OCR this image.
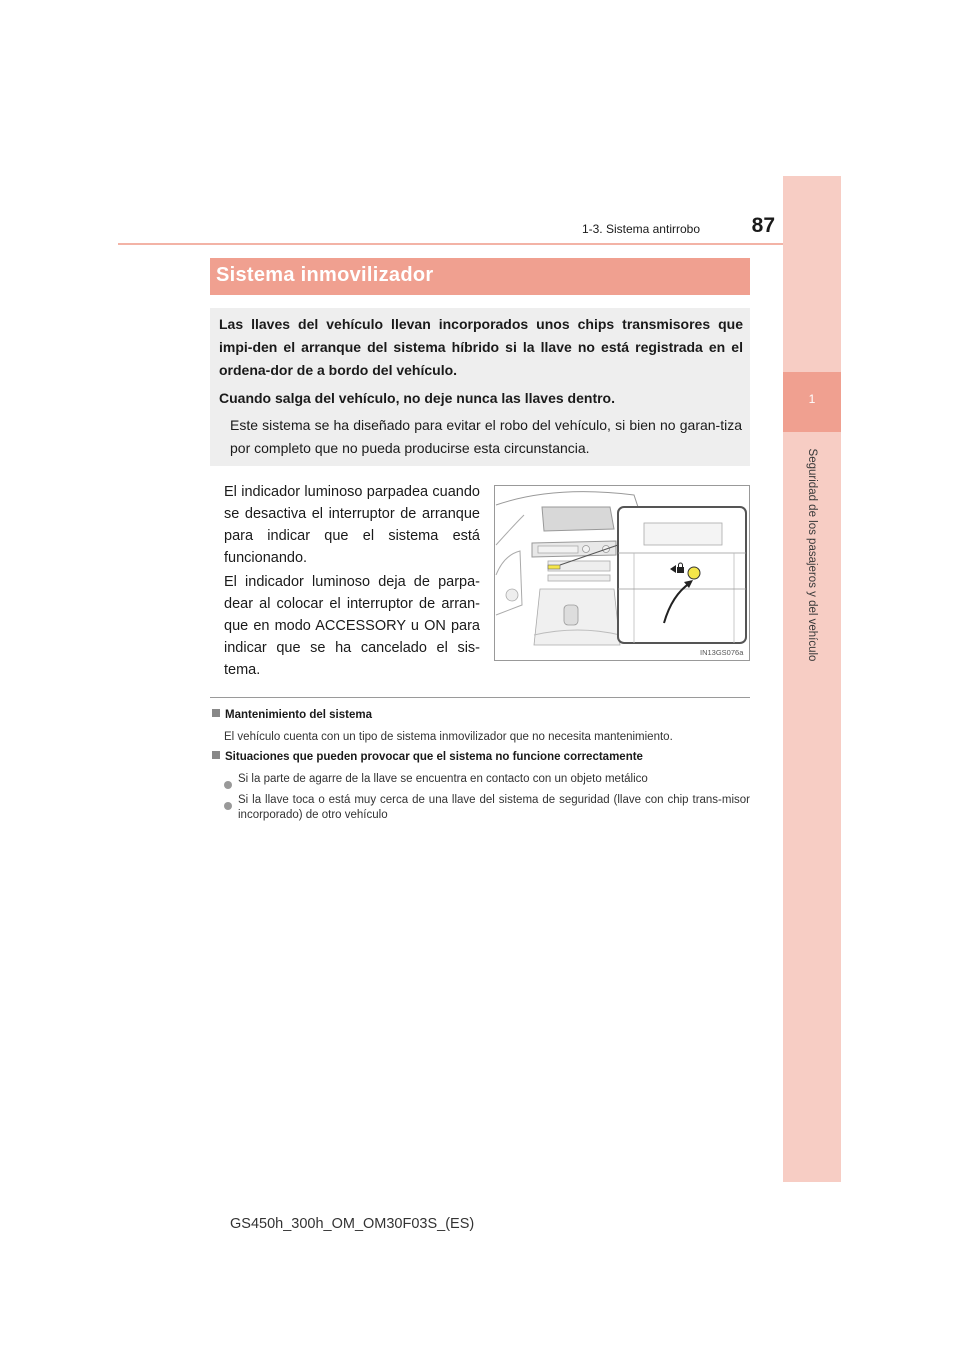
87
1-3. Sistema antirrobo
1
Seguridad de los pasajeros y del vehículo
Sistema inmovilizador
Las llaves del vehículo llevan incorporados unos chips transmisores que impi-den el arranque del sistema híbrido si la llave no está registrada en el ordena-dor de a bordo del vehículo.
Cuando salga del vehículo, no deje nunca las llaves dentro.
Este sistema se ha diseñado para evitar el robo del vehículo, si bien no garan-tiza por completo que no pueda producirse esta circunstancia.
El indicador luminoso parpadea cuando se desactiva el interruptor de arranque para indicar que el sistema está funcionando.
El indicador luminoso deja de parpa-dear al colocar el interruptor de arran-que en modo ACCESSORY u ON para indicar que se ha cancelado el sis-tema.
IN13GS076a
Mantenimiento del sistema
El vehículo cuenta con un tipo de sistema inmovilizador que no necesita mantenimiento.
Situaciones que pueden provocar que el sistema no funcione correctamente
Si la parte de agarre de la llave se encuentra en contacto con un objeto metálico
Si la llave toca o está muy cerca de una llave del sistema de seguridad (llave con chip trans-misor incorporado) de otro vehículo
GS450h_300h_OM_OM30F03S_(ES)
